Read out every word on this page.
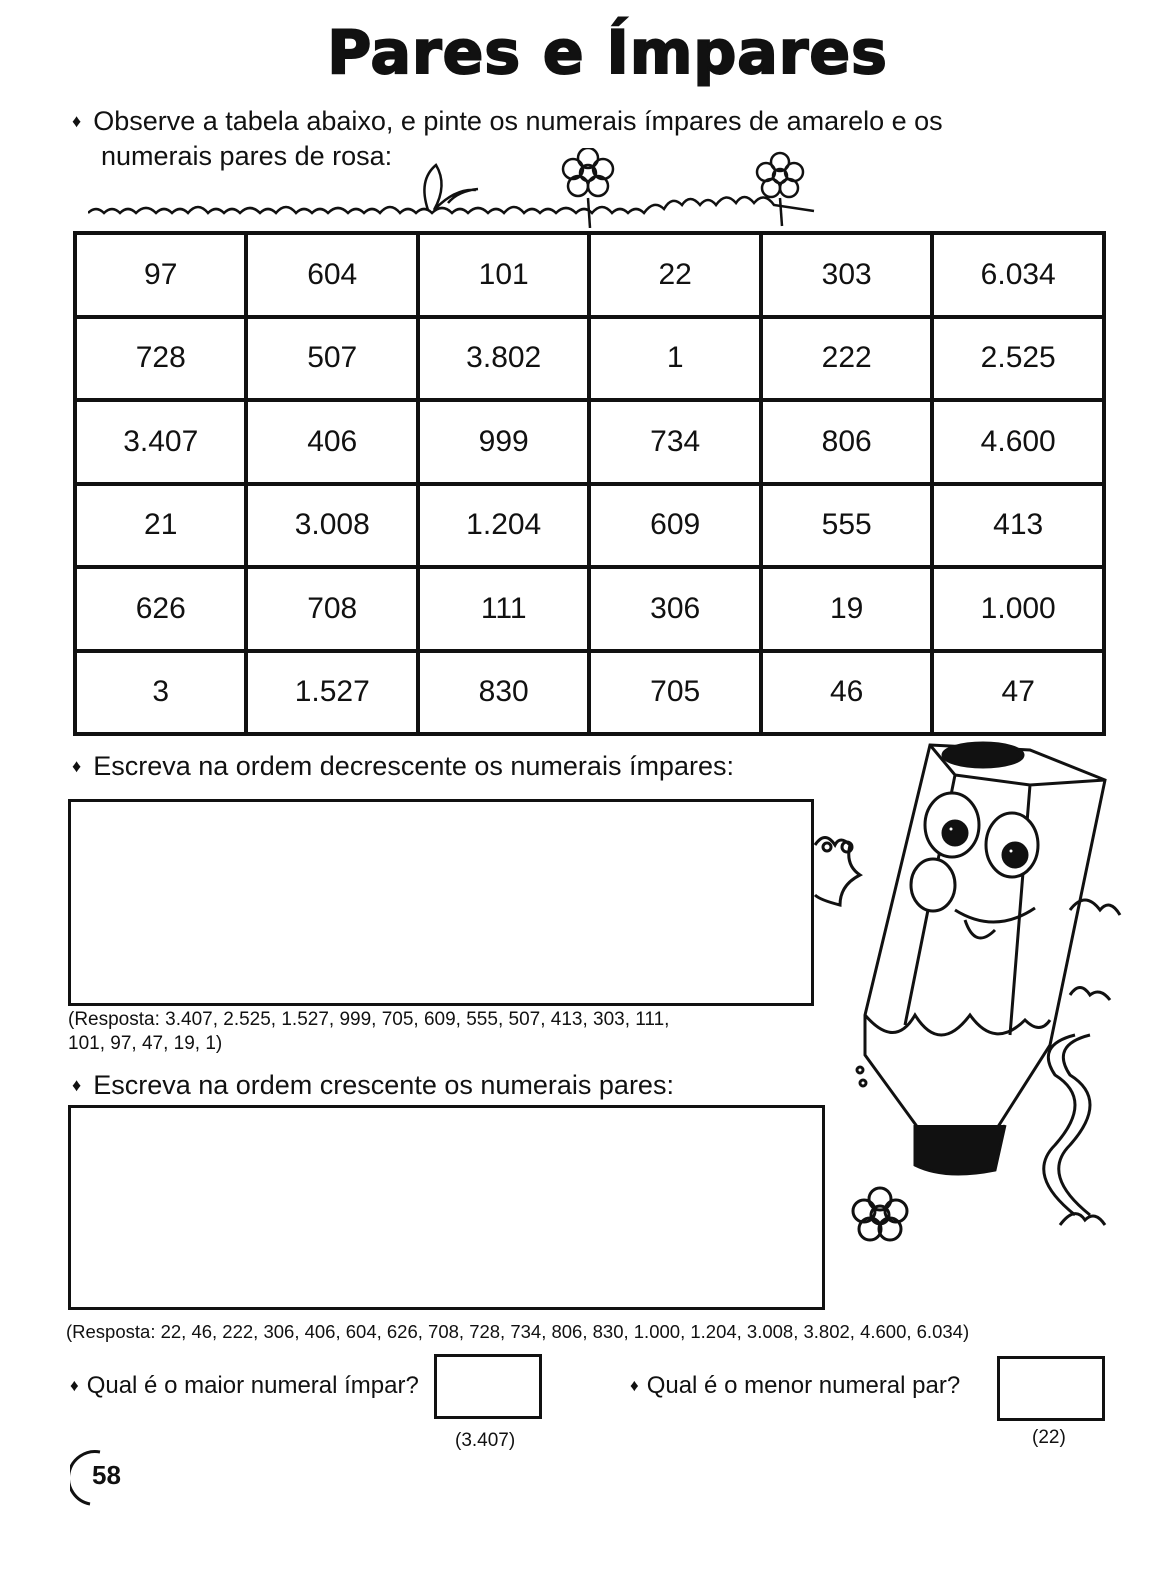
Pares e Ímpares
♦ Observe a tabela abaixo, e pinte os numerais ímpares de amarelo e os
numerais pares de rosa:
97	604	101	22	303	6.034
728	507	3.802	1	222	2.525
3.407	406	999	734	806	4.600
21	3.008	1.204	609	555	413
626	708	111	306	19	1.000
3	1.527	830	705	46	47
♦ Escreva na ordem decrescente os numerais ímpares:
(Resposta: 3.407, 2.525, 1.527, 999, 705, 609, 555, 507, 413, 303, 111,
101, 97, 47, 19, 1)
♦ Escreva na ordem crescente os numerais pares:
(Resposta: 22, 46, 222, 306, 406, 604, 626, 708, 728, 734, 806, 830, 1.000, 1.204, 3.008, 3.802, 4.600, 6.034)
♦ Qual é o maior numeral ímpar?
(3.407)
♦ Qual é o menor numeral par?
(22)
58
